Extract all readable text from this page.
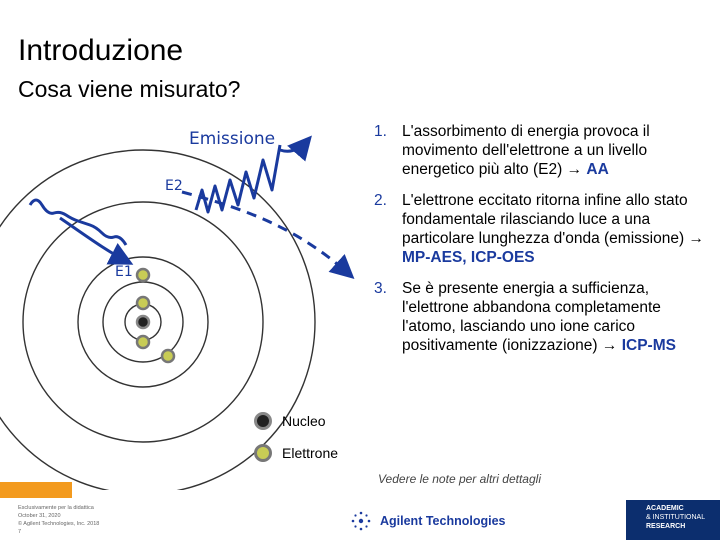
Introduzione
Cosa viene misurato?
Emissione
E2
E1
1. L'assorbimento di energia provoca il movimento dell'elettrone a un livello energetico più alto (E2) → AA
2. L'elettrone eccitato ritorna infine allo stato fondamentale rilasciando luce a una particolare lunghezza d'onda (emissione) → MP-AES, ICP-OES
3. Se è presente energia a sufficienza, l'elettrone abbandona completamente l'atomo, lasciando uno ione carico positivamente (ionizzazione) → ICP-MS
Nucleo
Elettrone
Vedere le note per altri dettagli
Esclusivamente per la didattica
October 31, 2020
© Agilent Technologies, Inc. 2018
7
Agilent Technologies
ACADEMIC
& INSTITUTIONAL
RESEARCH
